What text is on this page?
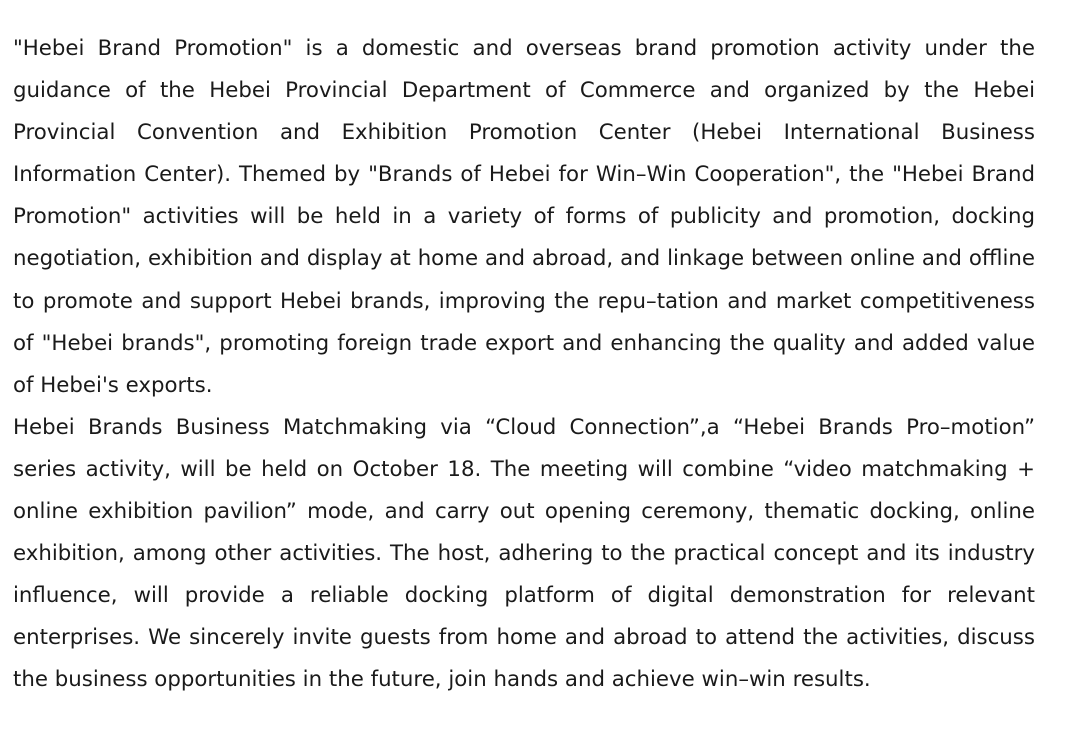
"Hebei Brand Promotion" is a domestic and overseas brand promotion activity under the guidance of the Hebei Provincial Department of Commerce and organized by the Hebei Provincial Convention and Exhibition Promotion Center (Hebei International Business Information Center). Themed by "Brands of Hebei for Win–Win Cooperation", the "Hebei Brand Promotion" activities will be held in a variety of forms of publicity and promotion, docking negotiation, exhibition and display at home and abroad, and linkage between online and offline to promote and support Hebei brands, improving the repu–tation and market competitiveness of "Hebei brands", promoting foreign trade export and enhancing the quality and added value of Hebei's exports.

Hebei Brands Business Matchmaking via “Cloud Connection”,a “Hebei Brands Pro–motion” series activity, will be held on October 18. The meeting will combine “video matchmaking + online exhibition pavilion” mode, and carry out opening ceremony, thematic docking, online exhibition, among other activities. The host, adhering to the practical concept and its industry influence, will provide a reliable docking platform of digital demonstration for relevant enterprises. We sincerely invite guests from home and abroad to attend the activities, discuss the business opportunities in the future, join hands and achieve win–win results.
